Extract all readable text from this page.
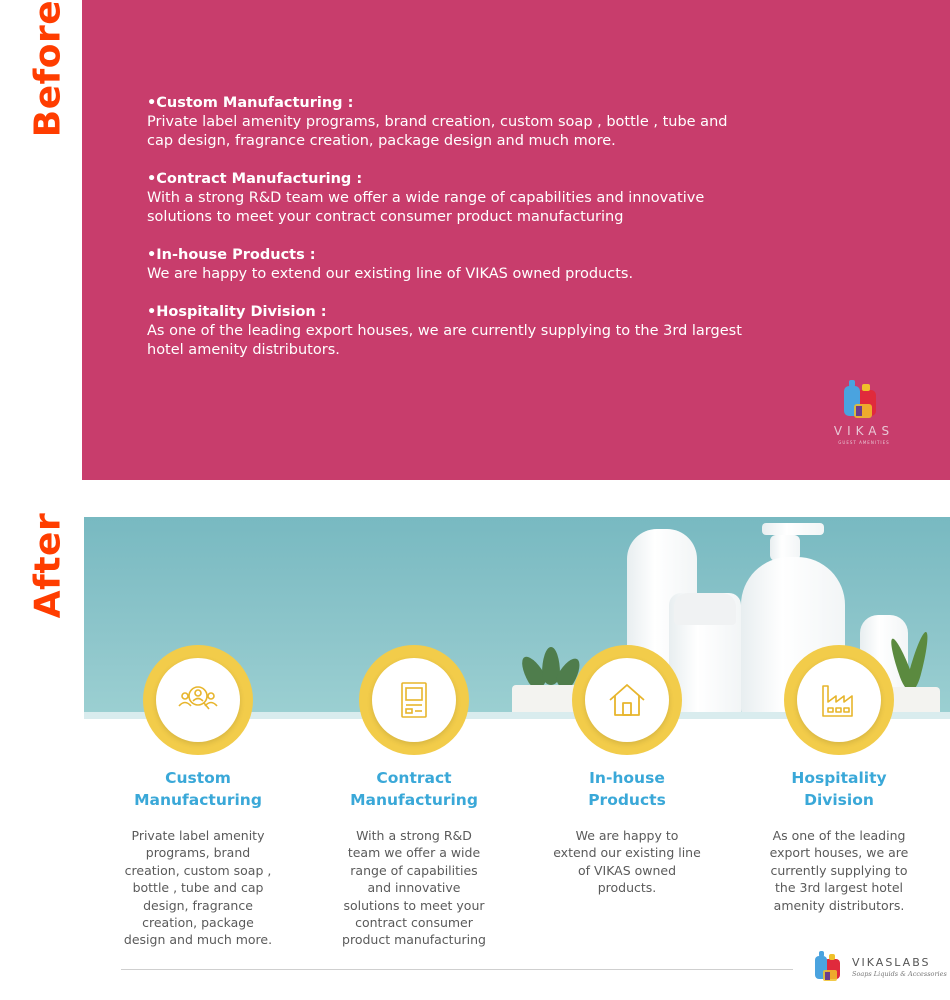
Before
After
•Custom Manufacturing :
Private label amenity programs, brand creation, custom soap , bottle , tube and
cap design, fragrance creation, package design and much more.
•Contract Manufacturing :
With a strong R&D team we offer a wide range of capabilities and innovative
solutions to meet your contract consumer product manufacturing
•In-house Products :
We are happy to extend our existing line of VIKAS owned products.
•Hospitality Division :
As one of the leading export houses, we are currently supplying to the 3rd largest
hotel amenity distributors.
VIKAS
GUEST AMENITIES
Custom
Manufacturing
Private label amenity
programs, brand
creation, custom soap ,
bottle , tube and cap
design, fragrance
creation, package
design and much more.
Contract
Manufacturing
With a strong R&D
team we offer a wide
range of capabilities
and innovative
solutions to meet your
contract consumer
product manufacturing
In-house
Products
We are happy to
extend our existing line
of VIKAS owned
products.
Hospitality
Division
As one of the leading
export houses, we are
currently supplying to
the 3rd largest hotel
amenity distributors.
VIKASLABS
Soaps Liquids & Accessories
